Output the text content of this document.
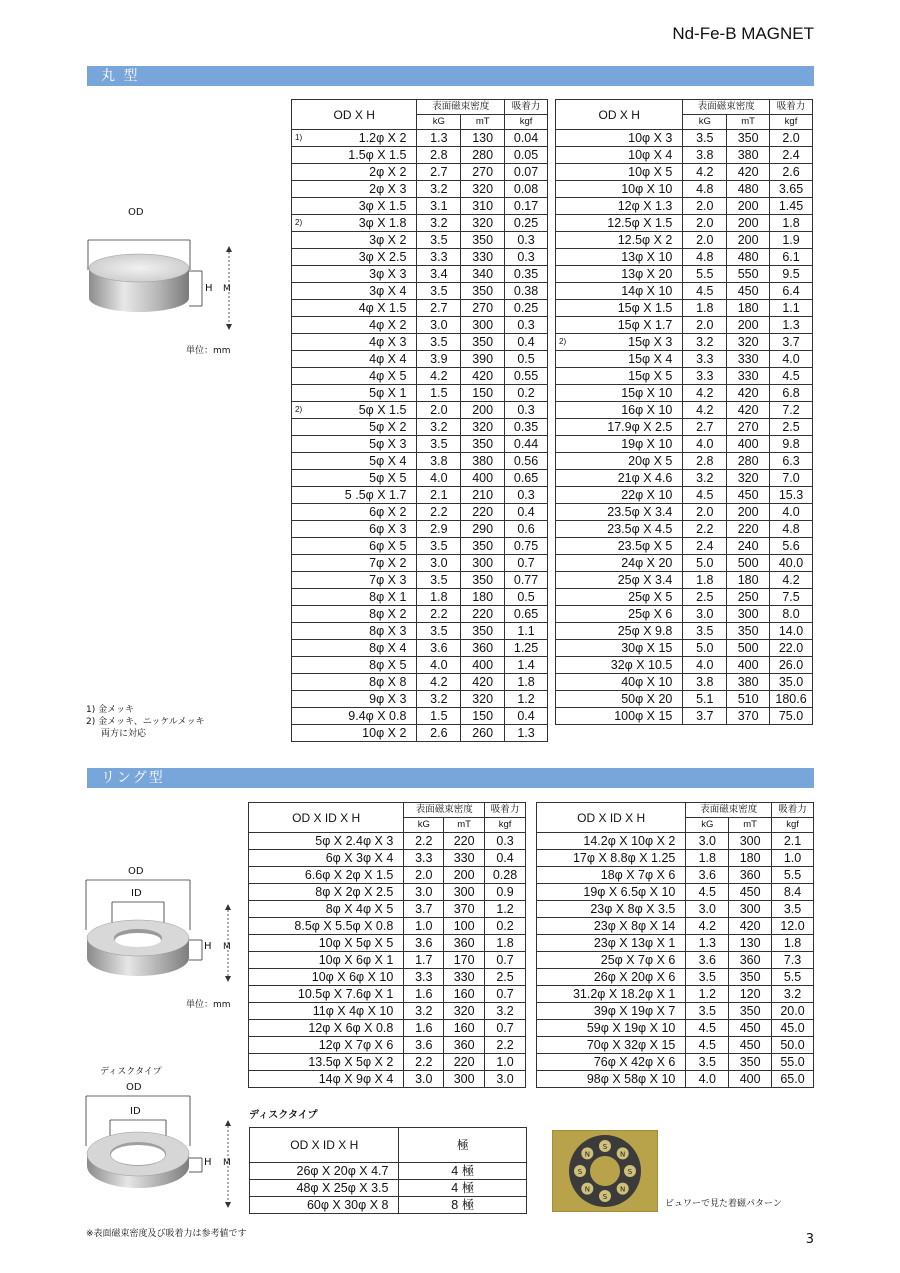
Nd-Fe-B MAGNET
丸 型
OD X H	表面磁束密度		吸着力
	kG	mT	kgf

1) 1.2φ X 2	1.3	130	0.04

1.5φ X 1.5	2.8	280	0.05

2φ X 2	2.7	270	0.07

2φ X 3	3.2	320	0.08

3φ X 1.5	3.1	310	0.17

2) 3φ X 1.8	3.2	320	0.25

3φ X 2	3.5	350	0.3

3φ X 2.5	3.3	330	0.3

3φ X 3	3.4	340	0.35

3φ X 4	3.5	350	0.38

4φ X 1.5	2.7	270	0.25

4φ X 2	3.0	300	0.3

4φ X 3	3.5	350	0.4

4φ X 4	3.9	390	0.5

4φ X 5	4.2	420	0.55

5φ X 1	1.5	150	0.2

2) 5φ X 1.5	2.0	200	0.3

5φ X 2	3.2	320	0.35

5φ X 3	3.5	350	0.44

5φ X 4	3.8	380	0.56

5φ X 5	4.0	400	0.65

5 .5φ X 1.7	2.1	210	0.3

6φ X 2	2.2	220	0.4

6φ X 3	2.9	290	0.6

6φ X 5	3.5	350	0.75

7φ X 2	3.0	300	0.7

7φ X 3	3.5	350	0.77

8φ X 1	1.8	180	0.5

8φ X 2	2.2	220	0.65

8φ X 3	3.5	350	1.1

8φ X 4	3.6	360	1.25

8φ X 5	4.0	400	1.4

8φ X 8	4.2	420	1.8

9φ X 3	3.2	320	1.2

9.4φ X 0.8	1.5	150	0.4

10φ X 2	2.6	260	1.3
OD X H	表面磁束密度		吸着力
	kG	mT	kgf

10φ X 3	3.5	350	2.0

10φ X 4	3.8	380	2.4

10φ X 5	4.2	420	2.6

10φ X 10	4.8	480	3.65

12φ X 1.3	2.0	200	1.45

12.5φ X 1.5	2.0	200	1.8

12.5φ X 2	2.0	200	1.9

13φ X 10	4.8	480	6.1

13φ X 20	5.5	550	9.5

14φ X 10	4.5	450	6.4

15φ X 1.5	1.8	180	1.1

15φ X 1.7	2.0	200	1.3

2) 15φ X 3	3.2	320	3.7

15φ X 4	3.3	330	4.0

15φ X 5	3.3	330	4.5

15φ X 10	4.2	420	6.8

16φ X 10	4.2	420	7.2

17.9φ X 2.5	2.7	270	2.5

19φ X 10	4.0	400	9.8

20φ X 5	2.8	280	6.3

21φ X 4.6	3.2	320	7.0

22φ X 10	4.5	450	15.3

23.5φ X 3.4	2.0	200	4.0

23.5φ X 4.5	2.2	220	4.8

23.5φ X 5	2.4	240	5.6

24φ X 20	5.0	500	40.0

25φ X 3.4	1.8	180	4.2

25φ X 5	2.5	250	7.5

25φ X 6	3.0	300	8.0

25φ X 9.8	3.5	350	14.0

30φ X 15	5.0	500	22.0

32φ X 10.5	4.0	400	26.0

40φ X 10	3.8	380	35.0

50φ X 20	5.1	510	180.6

100φ X 15	3.7	370	75.0
OD
H M
単位：mm
1) 金メッキ
2) 金メッキ、ニッケルメッキ
両方に対応
リング型
OD X ID X H	表面磁束密度		吸着力
	kG	mT	kgf
5φ X 2.4φ X 3	2.2	220	0.3
6φ X 3φ X 4	3.3	330	0.4
6.6φ X 2φ X 1.5	2.0	200	0.28
8φ X 2φ X 2.5	3.0	300	0.9
8φ X 4φ X 5	3.7	370	1.2
8.5φ X 5.5φ X 0.8	1.0	100	0.2
10φ X 5φ X 5	3.6	360	1.8
10φ X 6φ X 1	1.7	170	0.7
10φ X 6φ X 10	3.3	330	2.5
10.5φ X 7.6φ X 1	1.6	160	0.7
11φ X 4φ X 10	3.2	320	3.2
12φ X 6φ X 0.8	1.6	160	0.7
12φ X 7φ X 6	3.6	360	2.2
13.5φ X 5φ X 2	2.2	220	1.0
14φ X 9φ X 4	3.0	300	3.0
OD X ID X H	表面磁束密度		吸着力
	kG	mT	kgf
14.2φ X 10φ X 2	3.0	300	2.1
17φ X 8.8φ X 1.25	1.8	180	1.0
18φ X 7φ X 6	3.6	360	5.5
19φ X 6.5φ X 10	4.5	450	8.4
23φ X 8φ X 3.5	3.0	300	3.5
23φ X 8φ X 14	4.2	420	12.0
23φ X 13φ X 1	1.3	130	1.8
25φ X 7φ X 6	3.6	360	7.3
26φ X 20φ X 6	3.5	350	5.5
31.2φ X 18.2φ X 1	1.2	120	3.2
39φ X 19φ X 7	3.5	350	20.0
59φ X 19φ X 10	4.5	450	45.0
70φ X 32φ X 15	4.5	450	50.0
76φ X 42φ X 6	3.5	350	55.0
98φ X 58φ X 10	4.0	400	65.0
OD
ID
H M
単位：mm
ディスクタイプ
OD
ID
H M
ディスクタイプ
OD X ID X H	極
26φ X 20φ X 4.7	4 極
48φ X 25φ X 3.5	4 極
60φ X 30φ X 8	8 極
S
N
S
N
S
N
S
N
ビュワーで見た着磁パターン
※表面磁束密度及び吸着力は参考値です	3
